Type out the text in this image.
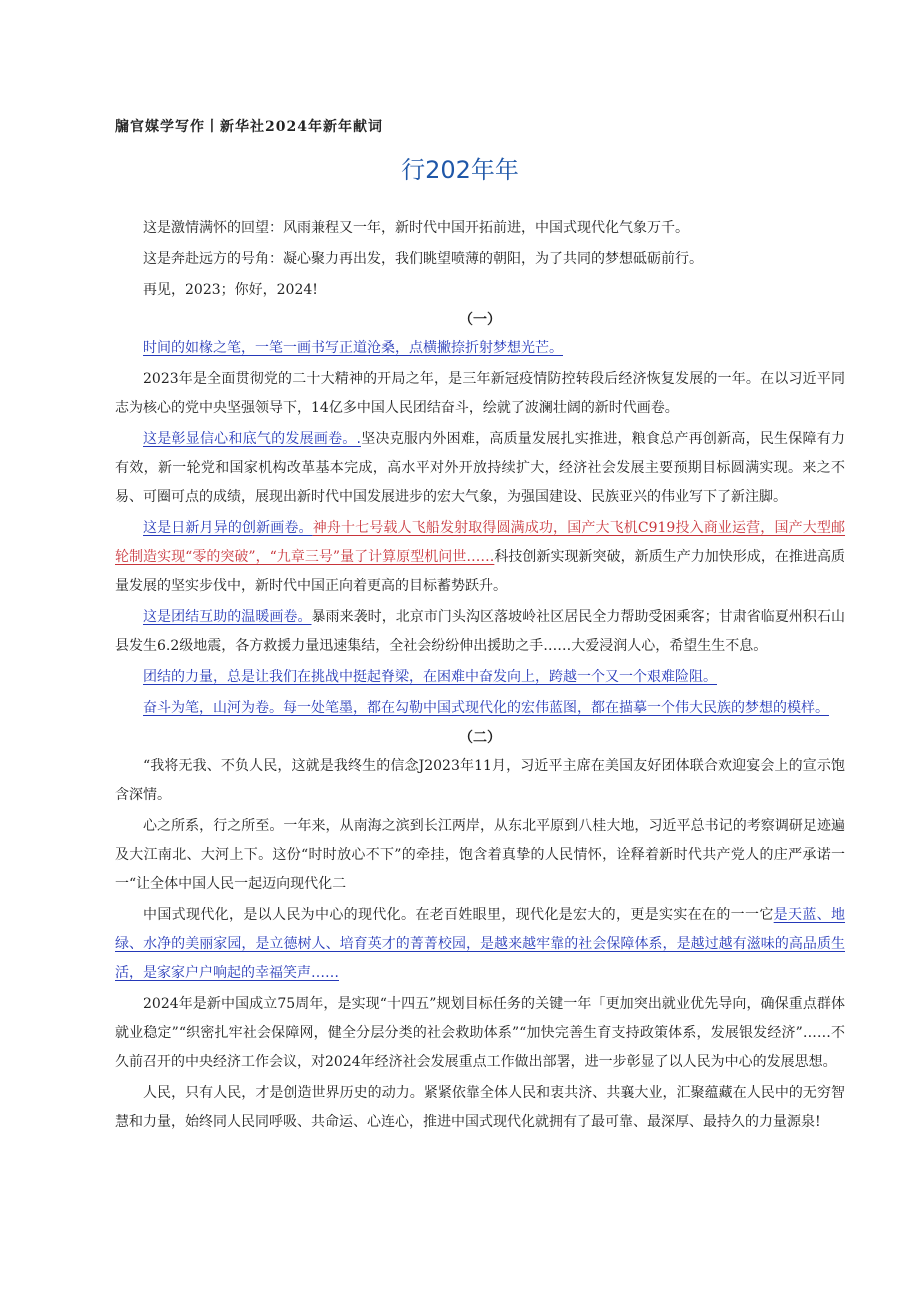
牖官媒学写作丨新华社2024年新年献词
行202年年

这是激情满怀的回望：风雨兼程又一年，新时代中国开拓前进，中国式现代化气象万千。

这是奔赴远方的号角：凝心聚力再出发，我们眺望喷薄的朝阳，为了共同的梦想砥砺前行。

再见，2023；你好，2024!

（一）

时间的如椽之笔，一笔一画书写正道沧桑，点横撇捺折射梦想光芒。

2023年是全面贯彻党的二十大精神的开局之年，是三年新冠疫情防控转段后经济恢复发展的一年。在以习近平同志为核心的党中央坚强领导下，14亿多中国人民团结奋斗，绘就了波澜壮阔的新时代画卷。

这是彰显信心和底气的发展画卷。.坚决克服内外困难，高质量发展扎实推进，粮食总产再创新高，民生保障有力有效，新一轮党和国家机构改革基本完成，高水平对外开放持续扩大，经济社会发展主要预期目标圆满实现。来之不易、可圈可点的成绩，展现出新时代中国发展进步的宏大气象，为强国建设、民族亚兴的伟业写下了新注脚。

这是日新月异的创新画卷。神舟十七号载人飞船发射取得圆满成功，国产大飞机C919投入商业运营，国产大型邮轮制造实现“零的突破”，“九章三号”量了计算原型机问世……科技创新实现新突破，新质生产力加快形成，在推进高质量发展的坚实步伐中，新时代中国正向着更高的目标蓄势跃升。

这是团结互助的温暖画卷。暴雨来袭时，北京市门头沟区落坡岭社区居民全力帮助受困乘客；甘肃省临夏州积石山县发生6.2级地震，各方救援力量迅速集结，全社会纷纷伸出援助之手……大爱浸润人心，希望生生不息。

团结的力量，总是让我们在挑战中挺起脊梁，在困难中奋发向上，跨越一个又一个艰难险阻。

奋斗为笔，山河为卷。每一处笔墨，都在勾勒中国式现代化的宏伟蓝图，都在描摹一个伟大民族的梦想的模样。

（二）

“我将无我、不负人民，这就是我终生的信念J2023年11月，习近平主席在美国友好团体联合欢迎宴会上的宣示饱含深情。

心之所系，行之所至。一年来，从南海之滨到长江两岸，从东北平原到八桂大地，习近平总书记的考察调研足迹遍及大江南北、大河上下。这份“时时放心不下”的牵挂，饱含着真挚的人民情怀，诠释着新时代共产党人的庄严承诺一一“让全体中国人民一起迈向现代化二

中国式现代化，是以人民为中心的现代化。在老百姓眼里，现代化是宏大的，更是实实在在的一一它是天蓝、地绿、水净的美丽家园，是立德树人、培育英才的菁菁校园，是越来越牢靠的社会保障体系，是越过越有滋味的高品质生活，是家家户户响起的幸福笑声……

2024年是新中国成立75周年，是实现“十四五”规划目标任务的关键一年「更加突出就业优先导向，确保重点群体就业稳定”“织密扎牢社会保障网，健全分层分类的社会救助体系”“加快完善生育支持政策体系，发展银发经济”……不久前召开的中央经济工作会议，对2024年经济社会发展重点工作做出部署，进一步彰显了以人民为中心的发展思想。

人民，只有人民，才是创造世界历史的动力。紧紧依靠全体人民和衷共济、共襄大业，汇聚蕴藏在人民中的无穷智慧和力量，始终同人民同呼吸、共命运、心连心，推进中国式现代化就拥有了最可靠、最深厚、最持久的力量源泉!
